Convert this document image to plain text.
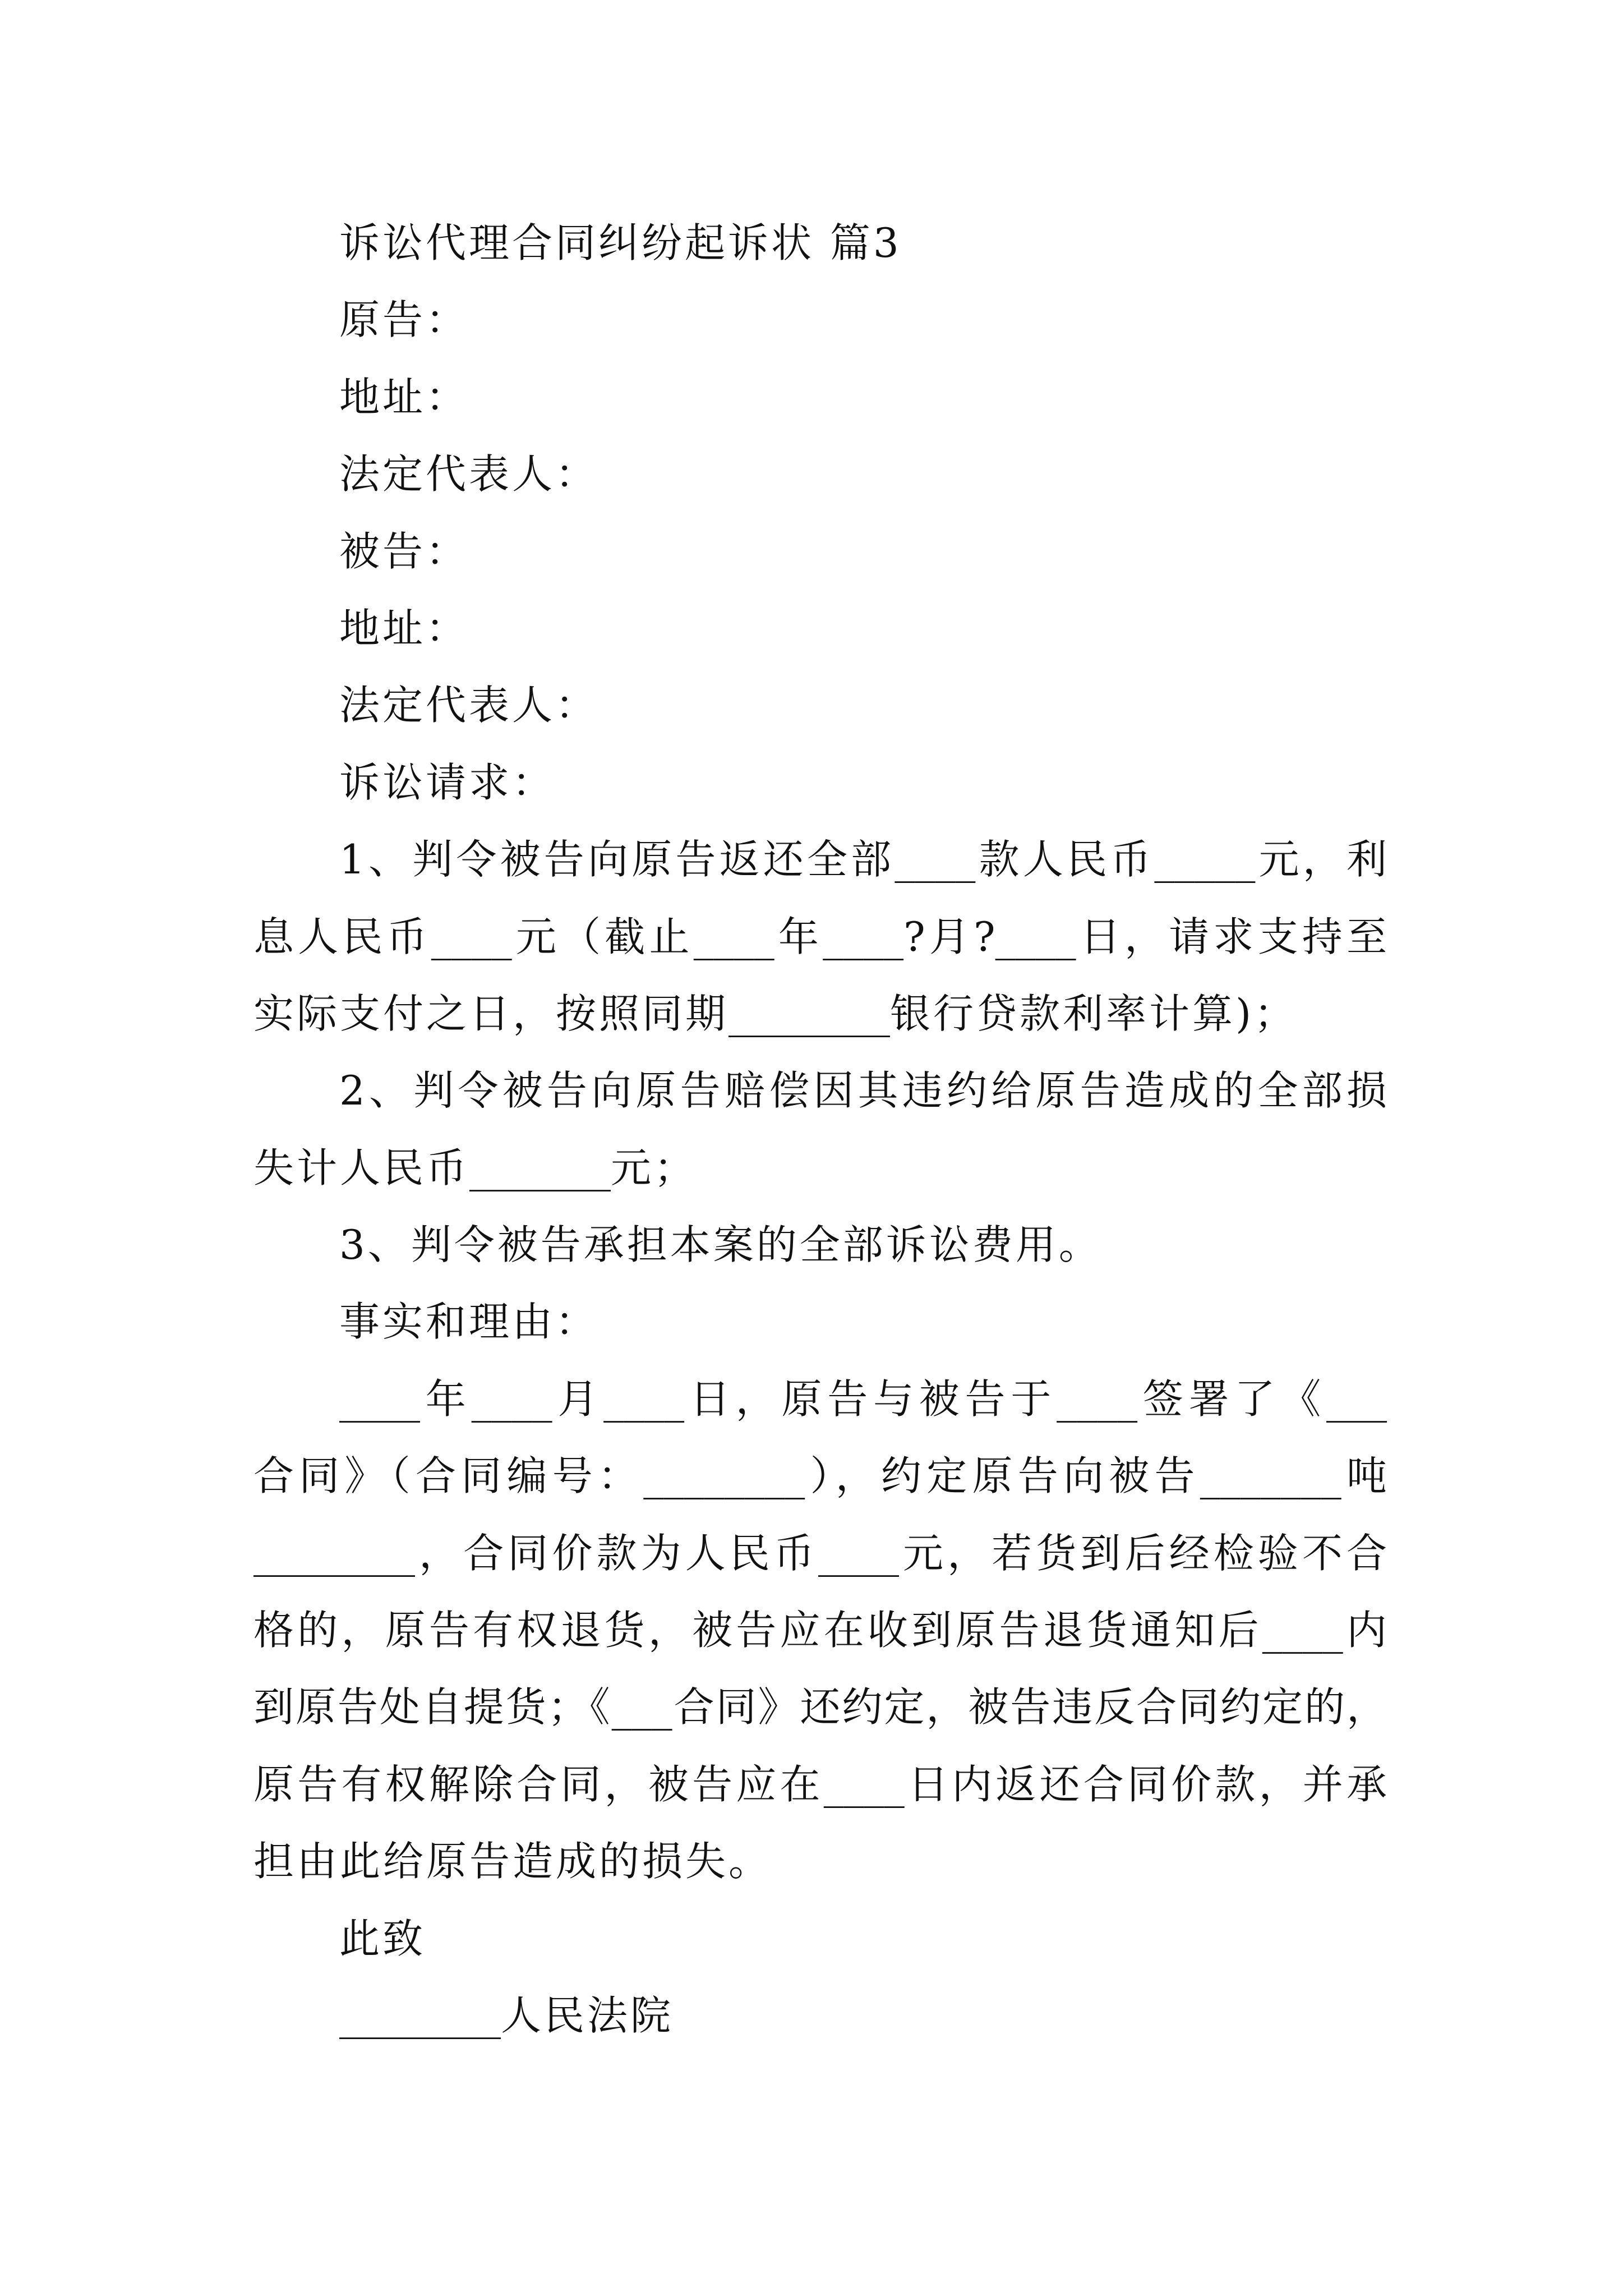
诉讼代理合同纠纷起诉状 篇3
原告：
地址：
法定代表人：
被告：
地址：
法定代表人：
诉讼请求：
1、判令被告向原告返还全部____款人民币_____元，利
息人民币____元（截止____年____?月?____日，请求支持至
实际支付之日，按照同期________银行贷款利率计算)；
2、判令被告向原告赔偿因其违约给原告造成的全部损
失计人民币_______元；
3、判令被告承担本案的全部诉讼费用。
事实和理由：
____年____月____日，原告与被告于____签署了《___
合同》（合同编号：________），约定原告向被告_______吨
________，合同价款为人民币____元，若货到后经检验不合
格的，原告有权退货，被告应在收到原告退货通知后____内
到原告处自提货；《___合同》还约定，被告违反合同约定的，
原告有权解除合同，被告应在____日内返还合同价款，并承
担由此给原告造成的损失。
此致
________人民法院
